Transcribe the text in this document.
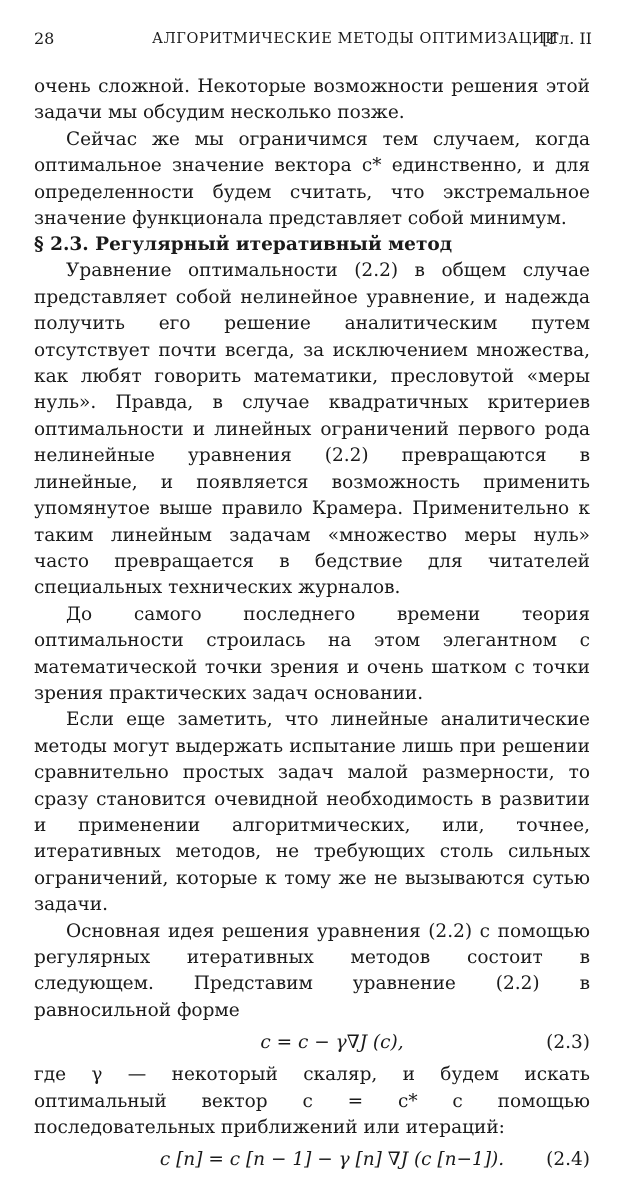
28	АЛГОРИТМИЧЕСКИЕ МЕТОДЫ ОПТИМИЗАЦИИ
[Гл. II

очень сложной. Некоторые возможности решения этой задачи мы обсудим несколько позже.

Сейчас же мы ограничимся тем случаем, когда оптимальное значение вектора c* единственно, и для определенности будем считать, что экстремальное значение функционала представляет собой минимум.

§ 2.3. Регулярный итеративный метод

Уравнение оптимальности (2.2) в общем случае представляет собой нелинейное уравнение, и надежда получить его решение аналитическим путем отсутствует почти всегда, за исключением множества, как любят говорить математики, пресловутой «меры нуль». Правда, в случае квадратичных критериев оптимальности и линейных ограничений первого рода нелинейные уравнения (2.2) превращаются в линейные, и появляется возможность применить упомянутое выше правило Крамера. Применительно к таким линейным задачам «множество меры нуль» часто превращается в бедствие для читателей специальных технических журналов.

До самого последнего времени теория оптимальности строилась на этом элегантном с математической точки зрения и очень шатком с точки зрения практических задач основании.

Если еще заметить, что линейные аналитические методы могут выдержать испытание лишь при решении сравнительно простых задач малой размерности, то сразу становится очевидной необходимость в развитии и применении алгоритмических, или, точнее, итеративных методов, не требующих столь сильных ограничений, которые к тому же не вызываются сутью задачи.

Основная идея решения уравнения (2.2) с помощью регулярных итеративных методов состоит в следующем. Представим уравнение (2.2) в равносильной форме

c = c − γ∇J (c),	(2.3)

где γ — некоторый скаляр, и будем искать оптимальный вектор c = c* с помощью последовательных приближений или итераций:

c [n] = c [n − 1] − γ [n] ∇J (c [n−1]). (2.4)
